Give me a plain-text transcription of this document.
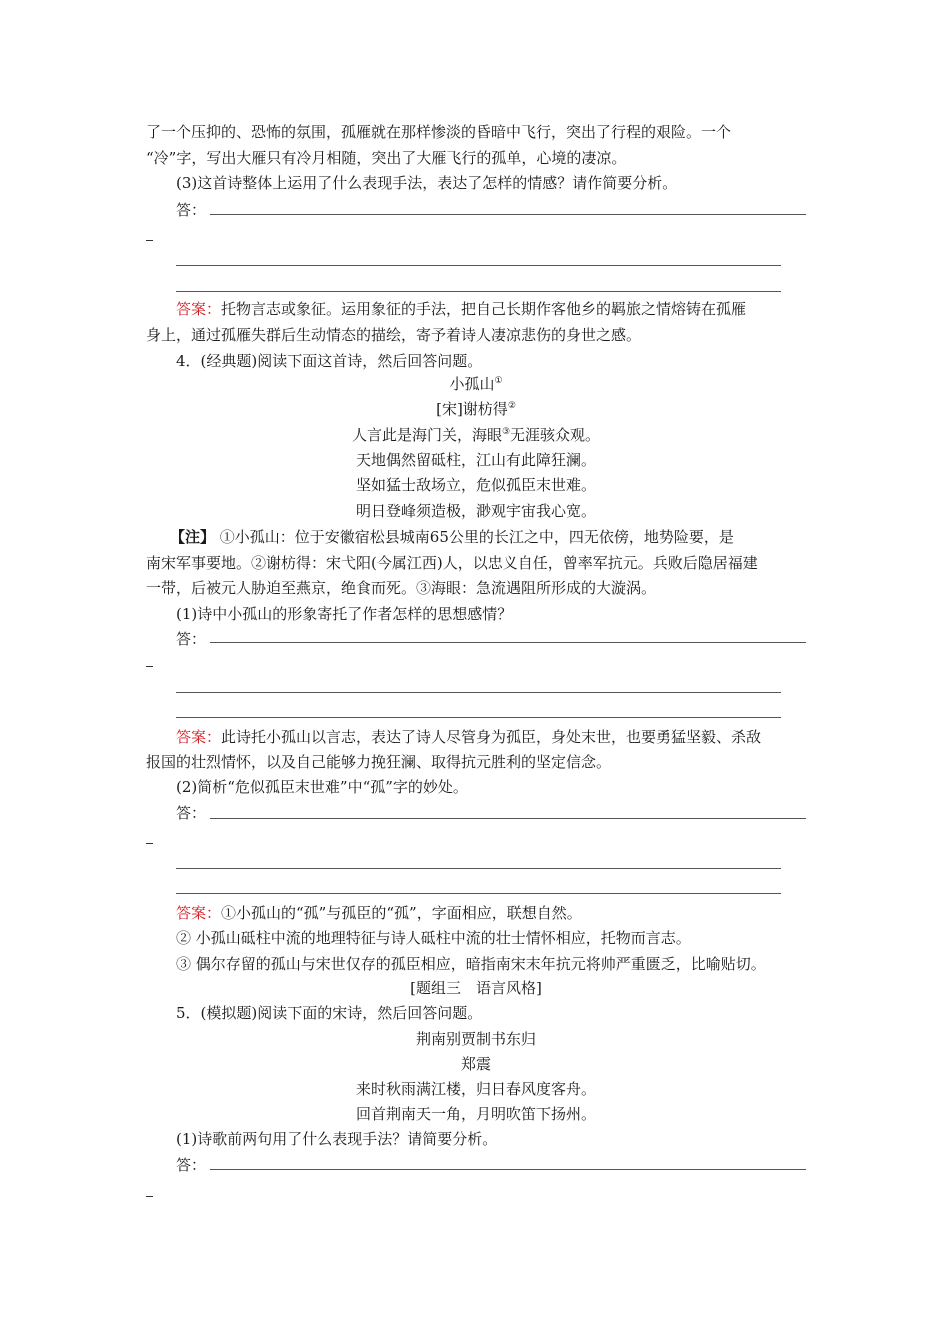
了一个压抑的、恐怖的氛围，孤雁就在那样惨淡的昏暗中飞行，突出了行程的艰险。一个
“冷”字，写出大雁只有冷月相随，突出了大雁飞行的孤单，心境的凄凉。
(3)这首诗整体上运用了什么表现手法，表达了怎样的情感？请作简要分析。
答：
答案：托物言志或象征。运用象征的手法，把自己长期作客他乡的羁旅之情熔铸在孤雁
身上，通过孤雁失群后生动情态的描绘，寄予着诗人凄凉悲伤的身世之感。
4．(经典题)阅读下面这首诗，然后回答问题。
小孤山①
[宋]谢枋得②
人言此是海门关，海眼③无涯骇众观。
天地偶然留砥柱，江山有此障狂澜。
坚如猛士敌场立，危似孤臣末世难。
明日登峰须造极，渺观宇宙我心宽。
【注】 ①小孤山：位于安徽宿松县城南65公里的长江之中，四无依傍，地势险要，是
南宋军事要地。②谢枋得：宋弋阳(今属江西)人，以忠义自任，曾率军抗元。兵败后隐居福建
一带，后被元人胁迫至燕京，绝食而死。③海眼：急流遇阻所形成的大漩涡。
(1)诗中小孤山的形象寄托了作者怎样的思想感情？
答：
答案：此诗托小孤山以言志，表达了诗人尽管身为孤臣，身处末世，也要勇猛坚毅、杀敌
报国的壮烈情怀，以及自己能够力挽狂澜、取得抗元胜利的坚定信念。
(2)简析“危似孤臣末世难”中“孤”字的妙处。
答：
答案：①小孤山的“孤”与孤臣的“孤”，字面相应，联想自然。
② 小孤山砥柱中流的地理特征与诗人砥柱中流的壮士情怀相应，托物而言志。
③ 偶尔存留的孤山与宋世仅存的孤臣相应，暗指南宋末年抗元将帅严重匮乏，比喻贴切。
[题组三　语言风格]
5．(模拟题)阅读下面的宋诗，然后回答问题。
荆南别贾制书东归
郑震
来时秋雨满江楼，归日春风度客舟。
回首荆南天一角，月明吹笛下扬州。
(1)诗歌前两句用了什么表现手法？请简要分析。
答：
